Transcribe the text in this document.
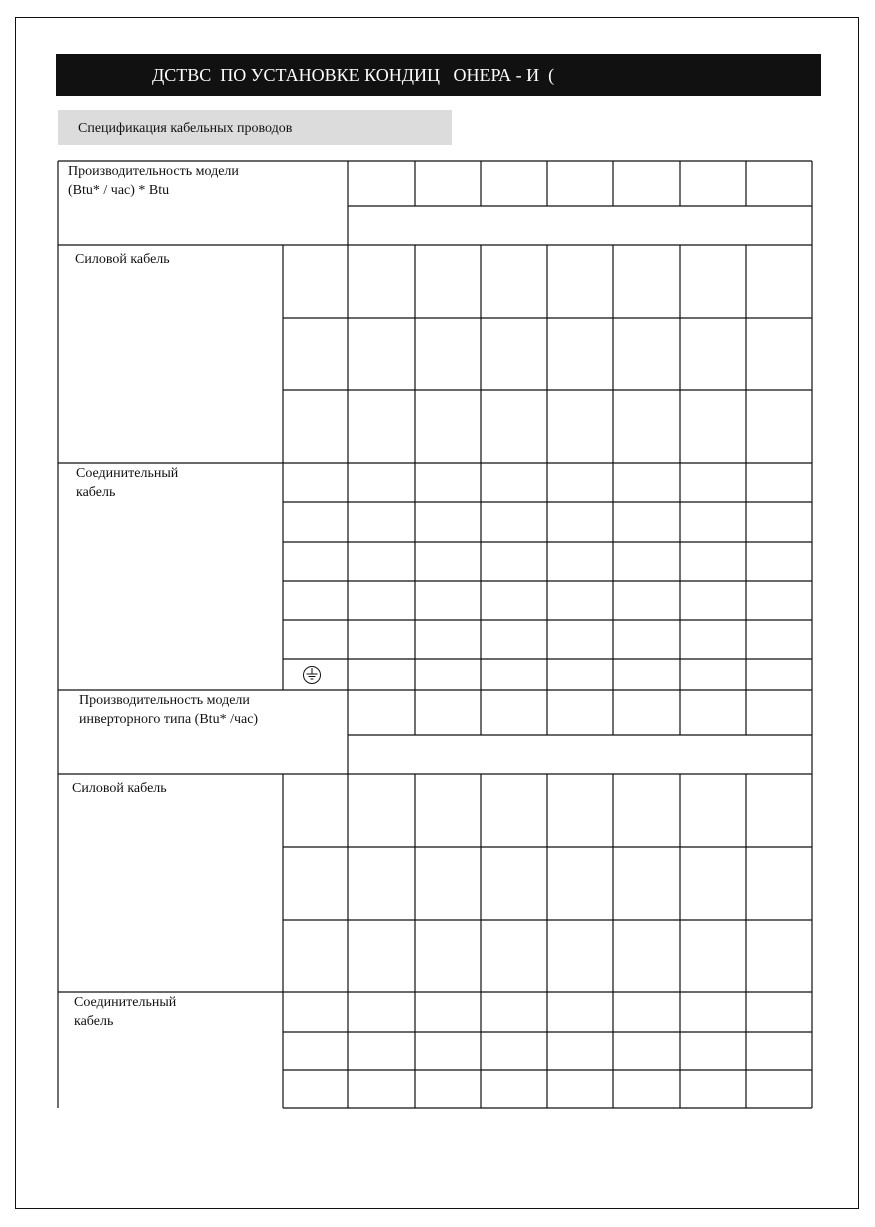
ДСТВС  ПО УСТАНОВКЕ КОНДИЦ   ОНЕРА - И  (
Спецификация кабельных проводов
Производительность модели
(Btu* / час) * Btu
Силовой кабель
Соединительный
кабель
Производительность модели
инверторного типа (Btu* /час)
Силовой кабель
Соединительный
кабель
